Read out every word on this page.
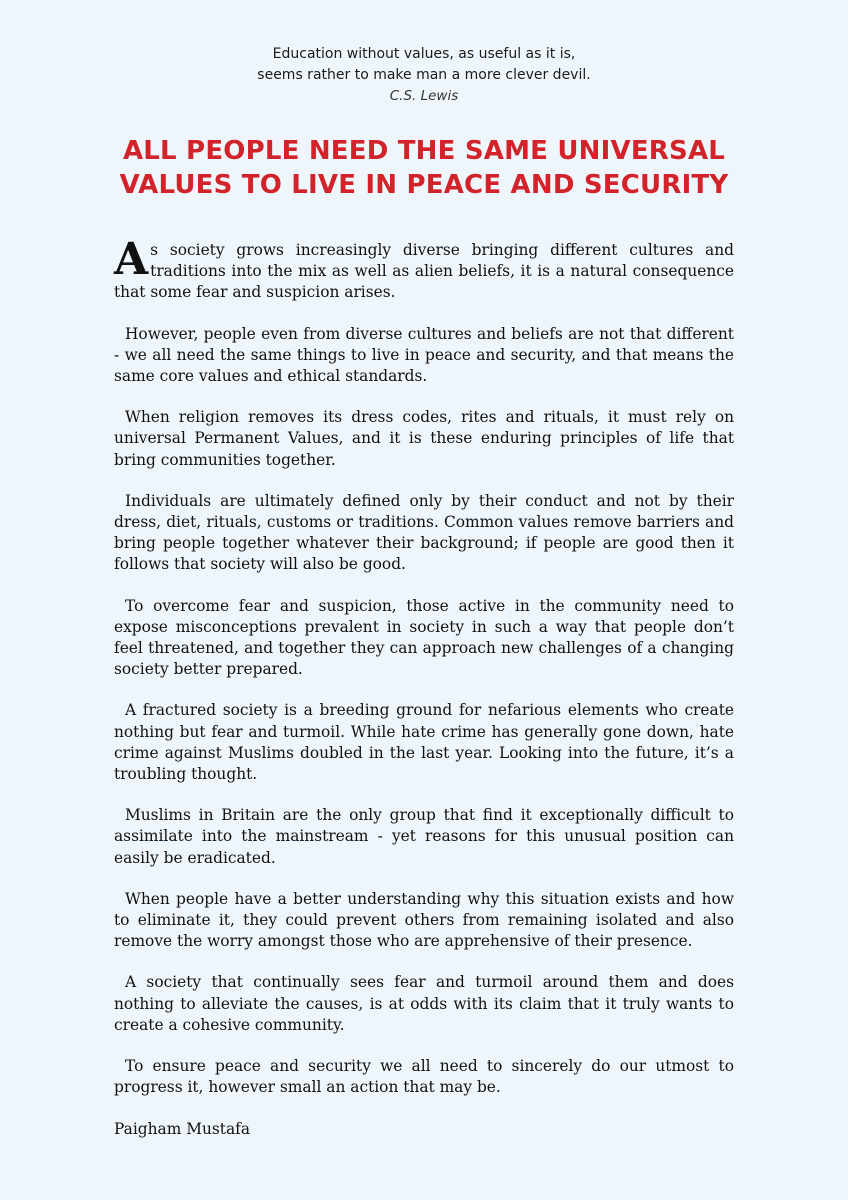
Education without values, as useful as it is,
seems rather to make man a more clever devil.
C.S. Lewis
ALL PEOPLE NEED THE SAME UNIVERSAL
VALUES TO LIVE IN PEACE AND SECURITY

As society grows increasingly diverse bringing different cultures and traditions into the mix as well as alien beliefs, it is a natural consequence that some fear and suspicion arises.

However, people even from diverse cultures and beliefs are not that different - we all need the same things to live in peace and security, and that means the same core values and ethical standards.

When religion removes its dress codes, rites and rituals, it must rely on universal Permanent Values, and it is these enduring principles of life that bring communities together.

Individuals are ultimately defined only by their conduct and not by their dress, diet, rituals, customs or traditions. Common values remove barriers and bring people together whatever their background; if people are good then it follows that society will also be good.

To overcome fear and suspicion, those active in the community need to expose misconceptions prevalent in society in such a way that people don’t feel threatened, and together they can approach new challenges of a changing society better prepared.

A fractured society is a breeding ground for nefarious elements who create nothing but fear and turmoil. While hate crime has generally gone down, hate crime against Muslims doubled in the last year. Looking into the future, it’s a troubling thought.

Muslims in Britain are the only group that find it exceptionally difficult to assimilate into the mainstream - yet reasons for this unusual position can easily be eradicated.

When people have a better understanding why this situation exists and how to eliminate it, they could prevent others from remaining isolated and also remove the worry amongst those who are apprehensive of their presence.

A society that continually sees fear and turmoil around them and does nothing to alleviate the causes, is at odds with its claim that it truly wants to create a cohesive community.

To ensure peace and security we all need to sincerely do our utmost to progress it, however small an action that may be.

Paigham Mustafa
